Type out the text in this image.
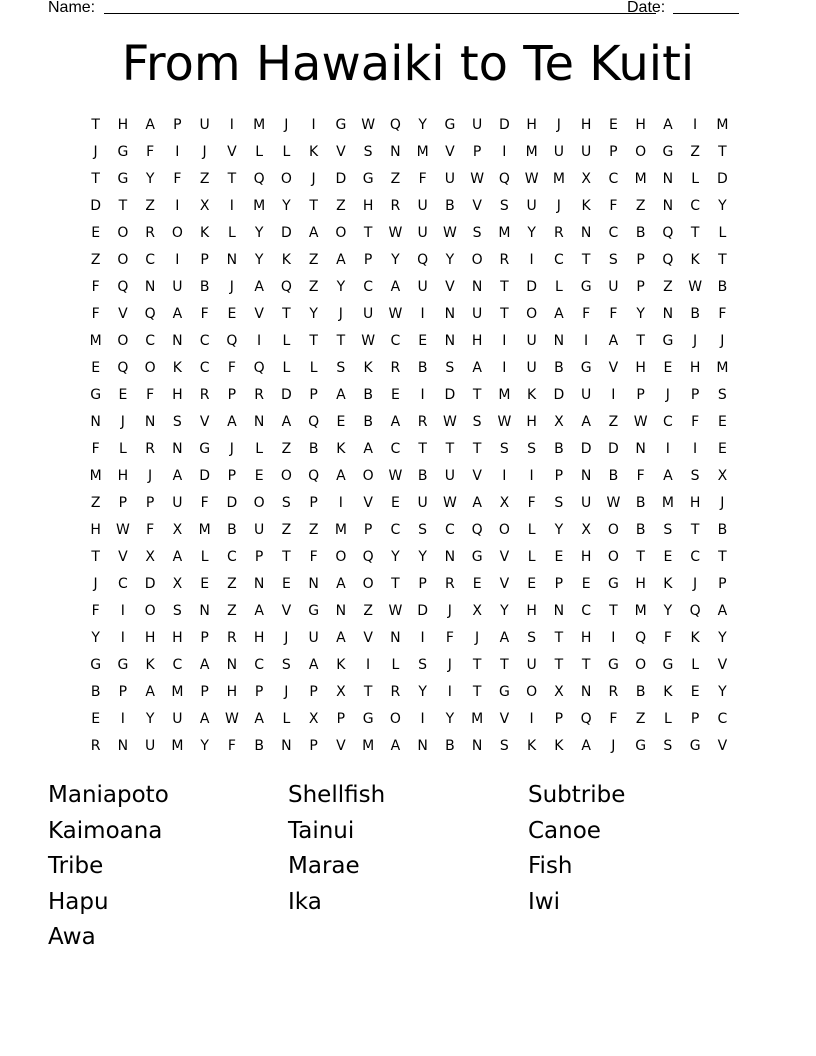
Name:	Date:
From Hawaiki to Te Kuiti
T	H	A	P	U	I	M	J	I	G	W	Q	Y	G	U	D	H	J	H	E	H	A	I	M
J	G	F	I	J	V	L	L	K	V	S	N	M	V	P	I	M	U	U	P	O	G	Z	T
T	G	Y	F	Z	T	Q	O	J	D	G	Z	F	U	W	Q	W	M	X	C	M	N	L	D
D	T	Z	I	X	I	M	Y	T	Z	H	R	U	B	V	S	U	J	K	F	Z	N	C	Y
E	O	R	O	K	L	Y	D	A	O	T	W	U	W	S	M	Y	R	N	C	B	Q	T	L
Z	O	C	I	P	N	Y	K	Z	A	P	Y	Q	Y	O	R	I	C	T	S	P	Q	K	T
F	Q	N	U	B	J	A	Q	Z	Y	C	A	U	V	N	T	D	L	G	U	P	Z	W	B
F	V	Q	A	F	E	V	T	Y	J	U	W	I	N	U	T	O	A	F	F	Y	N	B	F
M	O	C	N	C	Q	I	L	T	T	W	C	E	N	H	I	U	N	I	A	T	G	J	J
E	Q	O	K	C	F	Q	L	L	S	K	R	B	S	A	I	U	B	G	V	H	E	H	M
G	E	F	H	R	P	R	D	P	A	B	E	I	D	T	M	K	D	U	I	P	J	P	S
N	J	N	S	V	A	N	A	Q	E	B	A	R	W	S	W	H	X	A	Z	W	C	F	E
F	L	R	N	G	J	L	Z	B	K	A	C	T	T	T	S	S	B	D	D	N	I	I	E
M	H	J	A	D	P	E	O	Q	A	O	W	B	U	V	I	I	P	N	B	F	A	S	X
Z	P	P	U	F	D	O	S	P	I	V	E	U	W	A	X	F	S	U	W	B	M	H	J
H	W	F	X	M	B	U	Z	Z	M	P	C	S	C	Q	O	L	Y	X	O	B	S	T	B
T	V	X	A	L	C	P	T	F	O	Q	Y	Y	N	G	V	L	E	H	O	T	E	C	T
J	C	D	X	E	Z	N	E	N	A	O	T	P	R	E	V	E	P	E	G	H	K	J	P
F	I	O	S	N	Z	A	V	G	N	Z	W	D	J	X	Y	H	N	C	T	M	Y	Q	A
Y	I	H	H	P	R	H	J	U	A	V	N	I	F	J	A	S	T	H	I	Q	F	K	Y
G	G	K	C	A	N	C	S	A	K	I	L	S	J	T	T	U	T	T	G	O	G	L	V
B	P	A	M	P	H	P	J	P	X	T	R	Y	I	T	G	O	X	N	R	B	K	E	Y
E	I	Y	U	A	W	A	L	X	P	G	O	I	Y	M	V	I	P	Q	F	Z	L	P	C
R	N	U	M	Y	F	B	N	P	V	M	A	N	B	N	S	K	K	A	J	G	S	G	V
Maniapoto	Shellfish	Subtribe
Kaimoana	Tainui	Canoe
Tribe	Marae	Fish
Hapu	Ika	Iwi
Awa
